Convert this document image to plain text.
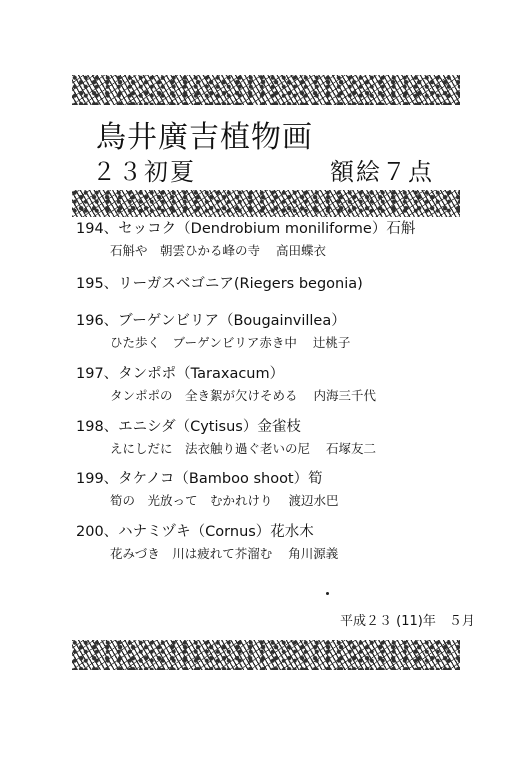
鳥井廣吉植物画
２３初夏	額絵７点
194、セッコク（Dendrobium moniliforme）石斛
石斛や　朝雲ひかる峰の寺 高田蝶衣
195、リーガスベゴニア(Riegers begonia)
196、ブーゲンビリア（Bougainvillea）
ひた歩く　ブーゲンビリア赤き中 辻桃子
197、タンポポ（Taraxacum）
タンポポの　全き絮が欠けそめる 内海三千代
198、エニシダ（Cytisus）金雀枝
えにしだに　法衣触り過ぐ老いの尼 石塚友二
199、タケノコ（Bamboo shoot）筍
筍の　光放って　むかれけり 渡辺水巴
200、ハナミヅキ（Cornus）花水木
花みづき　川は疲れて芥溜む 角川源義
平成２３ (11)年　５月
